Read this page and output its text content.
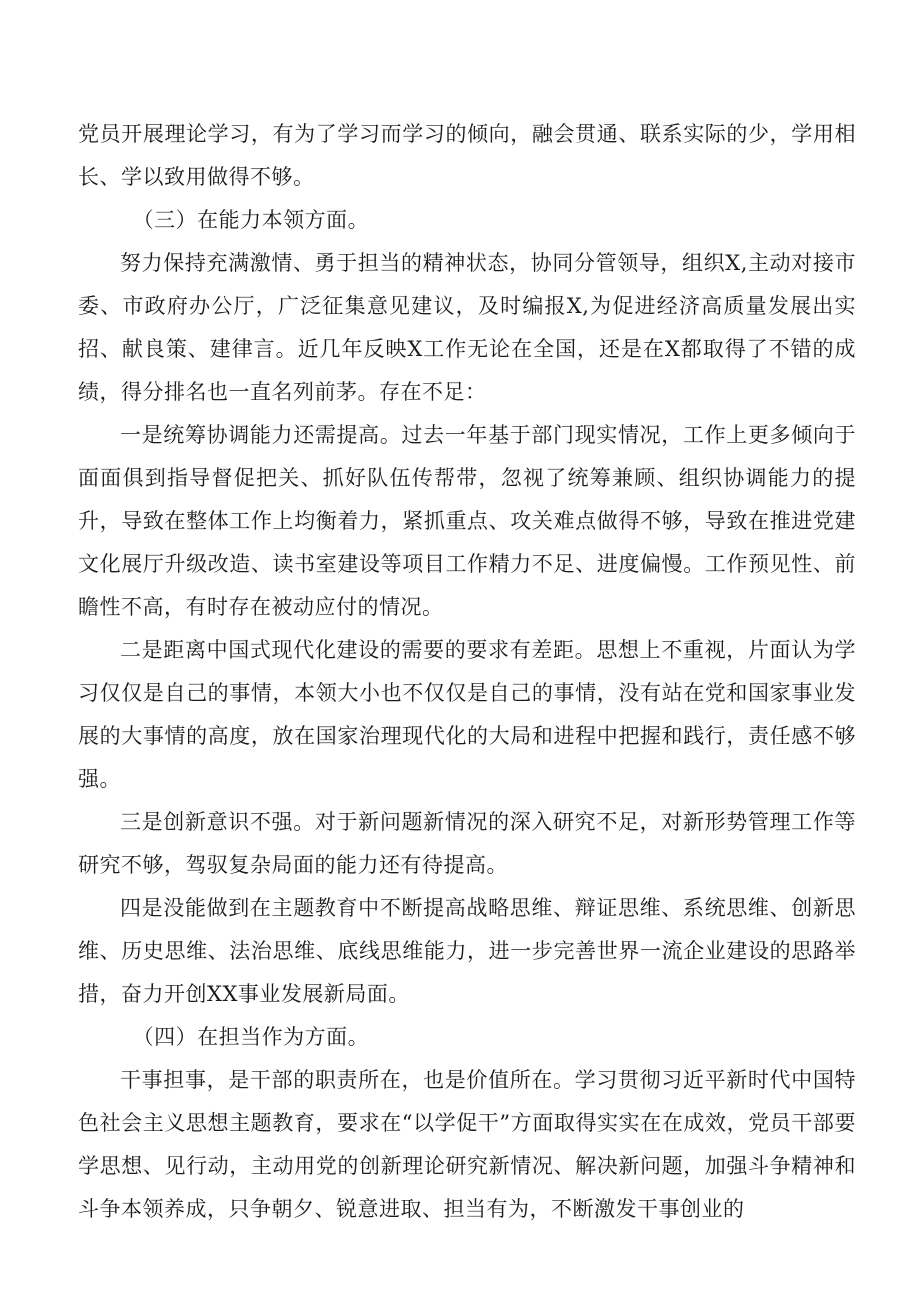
党员开展理论学习，有为了学习而学习的倾向，融会贯通、联系实际的少，学用相长、学以致用做得不够。

（三）在能力本领方面。

努力保持充满激情、勇于担当的精神状态，协同分管领导，组织X,主动对接市委、市政府办公厅，广泛征集意见建议，及时编报X,为促进经济高质量发展出实招、献良策、建律言。近几年反映X工作无论在全国，还是在X都取得了不错的成绩，得分排名也一直名列前茅。存在不足：

一是统筹协调能力还需提高。过去一年基于部门现实情况，工作上更多倾向于面面俱到指导督促把关、抓好队伍传帮带，忽视了统筹兼顾、组织协调能力的提升，导致在整体工作上均衡着力，紧抓重点、攻关难点做得不够，导致在推进党建文化展厅升级改造、读书室建设等项目工作精力不足、进度偏慢。工作预见性、前瞻性不高，有时存在被动应付的情况。

二是距离中国式现代化建设的需要的要求有差距。思想上不重视，片面认为学习仅仅是自己的事情，本领大小也不仅仅是自己的事情，没有站在党和国家事业发展的大事情的高度，放在国家治理现代化的大局和进程中把握和践行，责任感不够强。

三是创新意识不强。对于新问题新情况的深入研究不足，对新形势管理工作等研究不够，驾驭复杂局面的能力还有待提高。

四是没能做到在主题教育中不断提高战略思维、辩证思维、系统思维、创新思维、历史思维、法治思维、底线思维能力，进一步完善世界一流企业建设的思路举措，奋力开创XX事业发展新局面。

（四）在担当作为方面。

干事担事，是干部的职责所在，也是价值所在。学习贯彻习近平新时代中国特色社会主义思想主题教育，要求在“以学促干”方面取得实实在在成效，党员干部要学思想、见行动，主动用党的创新理论研究新情况、解决新问题，加强斗争精神和斗争本领养成，只争朝夕、锐意进取、担当有为，不断激发干事创业的
